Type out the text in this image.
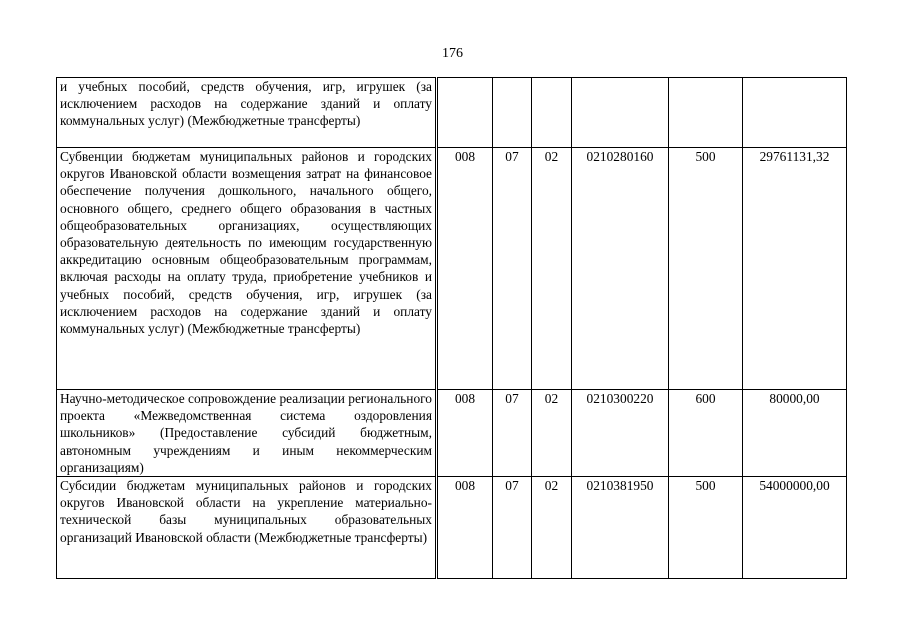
176
и учебных пособий, средств обучения, игр, игрушек (за исключением расходов на содержание зданий и оплату коммунальных услуг) (Межбюджетные трансферты)						
Субвенции бюджетам муниципальных районов и городских округов Ивановской области возмещения затрат на финансовое обеспечение получения дошкольного, начального общего, основного общего, среднего общего образования в частных общеобразовательных организациях, осуществляющих образовательную деятельность по имеющим государственную аккредитацию основным общеобразовательным программам, включая расходы на оплату труда, приобретение учебников и учебных пособий, средств обучения, игр, игрушек (за исключением расходов на содержание зданий и оплату коммунальных услуг) (Межбюджетные трансферты)	008	07	02	0210280160	500	29761131,32
Научно-методическое сопровождение реализации регионального проекта «Межведомственная система оздоровления школьников» (Предоставление субсидий бюджетным, автономным учреждениям и иным некоммерческим организациям)	008	07	02	0210300220	600	80000,00
Субсидии бюджетам муниципальных районов и городских округов Ивановской области на укрепление материально-технической базы муниципальных образовательных организаций Ивановской области (Межбюджетные трансферты)	008	07	02	0210381950	500	54000000,00
